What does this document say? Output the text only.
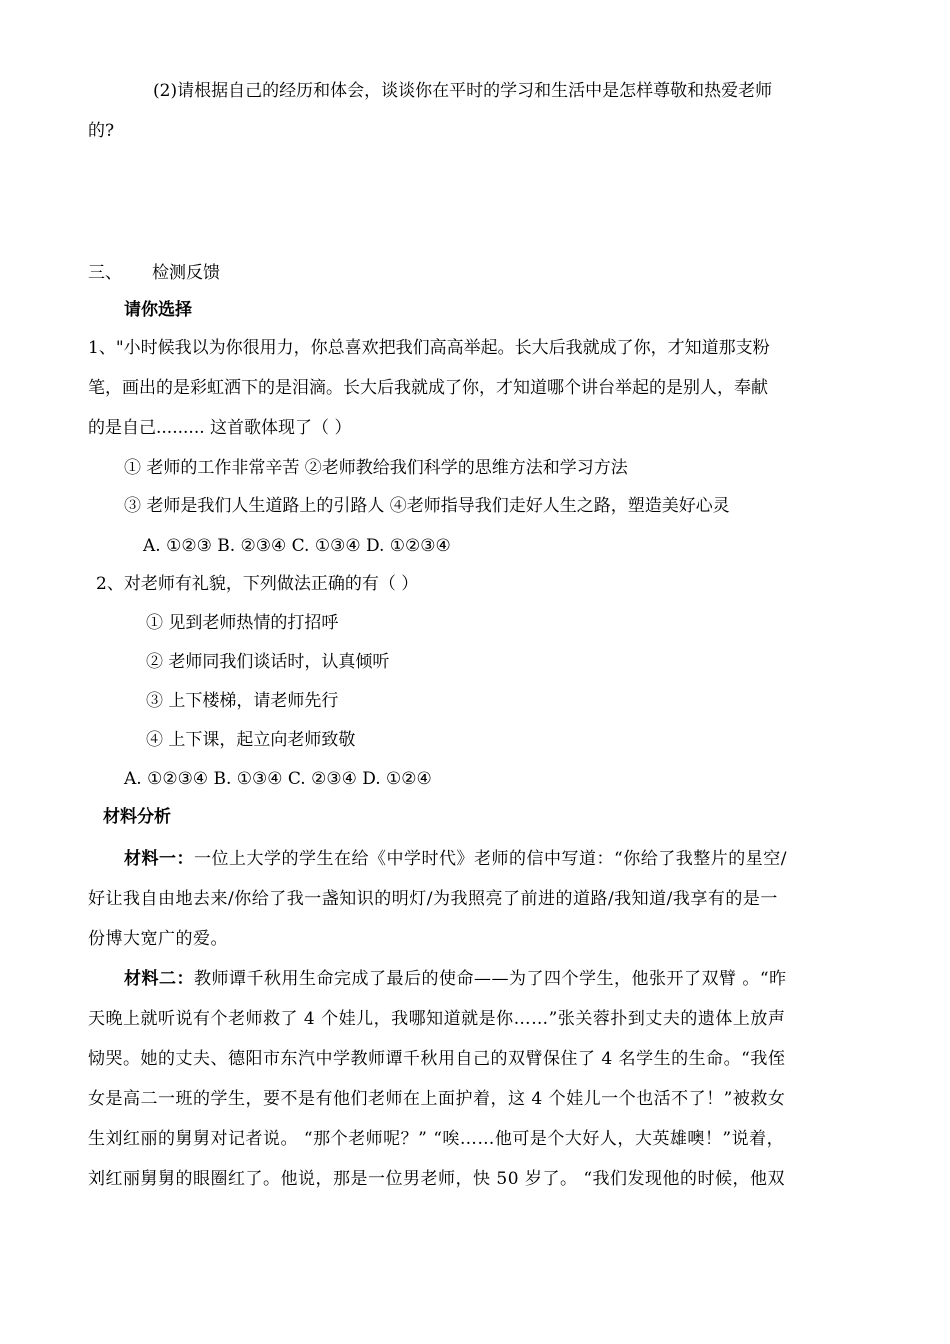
(2)请根据自己的经历和体会，谈谈你在平时的学习和生活中是怎样尊敬和热爱老师
的?
三、 检测反馈
请你选择
1、"小时候我以为你很用力，你总喜欢把我们高高举起。长大后我就成了你，才知道那支粉
笔，画出的是彩虹洒下的是泪滴。长大后我就成了你，才知道哪个讲台举起的是别人，奉献
的是自己......... 这首歌体现了（ ）
① 老师的工作非常辛苦 ②老师教给我们科学的思维方法和学习方法
③ 老师是我们人生道路上的引路人 ④老师指导我们走好人生之路，塑造美好心灵
A. ①②③ B. ②③④ C. ①③④ D. ①②③④
2、对老师有礼貌，下列做法正确的有（ ）
① 见到老师热情的打招呼
② 老师同我们谈话时，认真倾听
③ 上下楼梯，请老师先行
④ 上下课，起立向老师致敬
A. ①②③④ B. ①③④ C. ②③④ D. ①②④
材料分析
材料一：一位上大学的学生在给《中学时代》老师的信中写道：“你给了我整片的星空/
好让我自由地去来/你给了我一盏知识的明灯/为我照亮了前进的道路/我知道/我享有的是一
份博大宽广的爱。
材料二：教师谭千秋用生命完成了最后的使命——为了四个学生，他张开了双臂 。“昨
天晚上就听说有个老师救了 4 个娃儿，我哪知道就是你……”张关蓉扑到丈夫的遗体上放声
恸哭。她的丈夫、德阳市东汽中学教师谭千秋用自己的双臂保住了 4 名学生的生命。“我侄
女是高二一班的学生，要不是有他们老师在上面护着，这 4 个娃儿一个也活不了！”被救女
生刘红丽的舅舅对记者说。 “那个老师呢？” “唉……他可是个大好人，大英雄噢！”说着，
刘红丽舅舅的眼圈红了。他说，那是一位男老师，快 50 岁了。 “我们发现他的时候，他双
